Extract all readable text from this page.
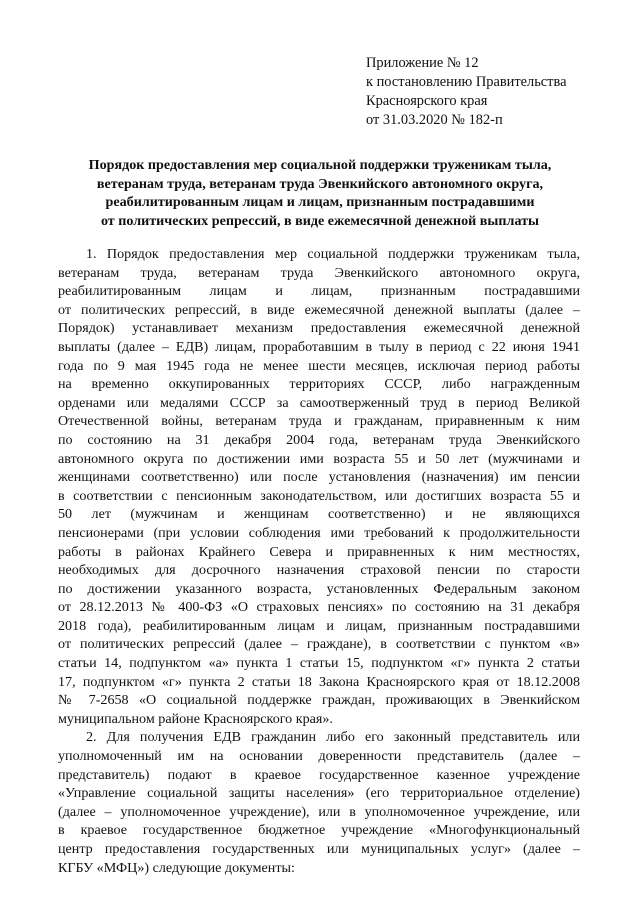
Приложение № 12
к постановлению Правительства
Красноярского края
от 31.03.2020 № 182-п
Порядок предоставления мер социальной поддержки труженикам тыла,
ветеранам труда, ветеранам труда Эвенкийского автономного округа,
реабилитированным лицам и лицам, признанным пострадавшими
от политических репрессий, в виде ежемесячной денежной выплаты
1. Порядок предоставления мер социальной поддержки труженикам тыла,
ветеранам труда, ветеранам труда Эвенкийского автономного округа,
реабилитированным лицам и лицам, признанным пострадавшими
от политических репрессий, в виде ежемесячной денежной выплаты (далее –
Порядок) устанавливает механизм предоставления ежемесячной денежной
выплаты (далее – ЕДВ) лицам, проработавшим в тылу в период с 22 июня 1941
года по 9 мая 1945 года не менее шести месяцев, исключая период работы
на временно оккупированных территориях СССР, либо награжденным
орденами или медалями СССР за самоотверженный труд в период Великой
Отечественной войны, ветеранам труда и гражданам, приравненным к ним
по состоянию на 31 декабря 2004 года, ветеранам труда Эвенкийского
автономного округа по достижении ими возраста 55 и 50 лет (мужчинами и
женщинами соответственно) или после установления (назначения) им пенсии
в соответствии с пенсионным законодательством, или достигших возраста 55 и
50 лет (мужчинам и женщинам соответственно) и не являющихся
пенсионерами (при условии соблюдения ими требований к продолжительности
работы в районах Крайнего Севера и приравненных к ним местностях,
необходимых для досрочного назначения страховой пенсии по старости
по достижении указанного возраста, установленных Федеральным законом
от 28.12.2013 № 400-ФЗ «О страховых пенсиях» по состоянию на 31 декабря
2018 года), реабилитированным лицам и лицам, признанным пострадавшими
от политических репрессий (далее – граждане), в соответствии с пунктом «в»
статьи 14, подпунктом «а» пункта 1 статьи 15, подпунктом «г» пункта 2 статьи
17, подпунктом «г» пункта 2 статьи 18 Закона Красноярского края от 18.12.2008
№ 7-2658 «О социальной поддержке граждан, проживающих в Эвенкийском
муниципальном районе Красноярского края».
2. Для получения ЕДВ гражданин либо его законный представитель или
уполномоченный им на основании доверенности представитель (далее –
представитель) подают в краевое государственное казенное учреждение
«Управление социальной защиты населения» (его территориальное отделение)
(далее – уполномоченное учреждение), или в уполномоченное учреждение, или
в краевое государственное бюджетное учреждение «Многофункциональный
центр предоставления государственных или муниципальных услуг» (далее –
КГБУ «МФЦ») следующие документы:
